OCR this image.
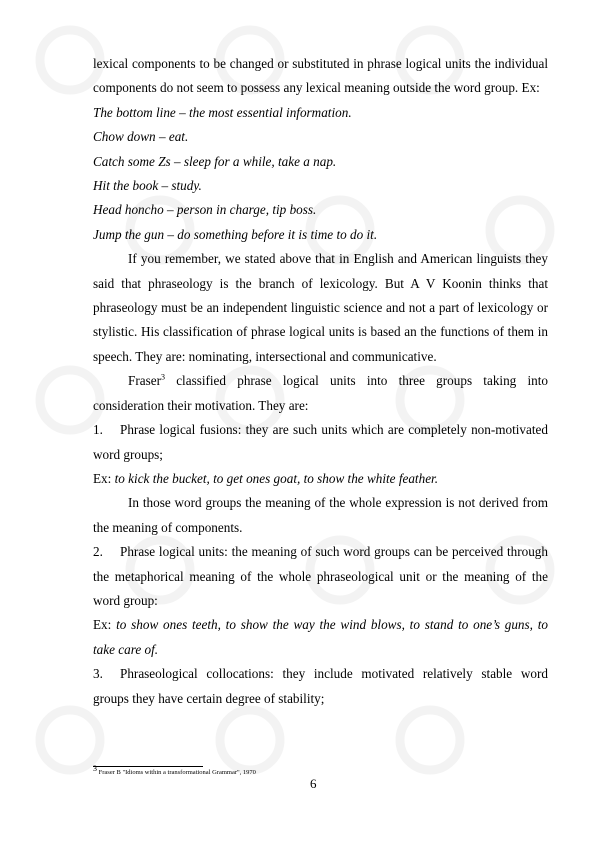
lexical components to be changed or substituted in phrase logical units the individual components do not seem to possess any lexical meaning outside the word group. Ex:

The bottom line – the most essential information.

Chow down – eat.

Catch some Zs – sleep for a while, take a nap.

Hit the book – study.

Head honcho – person in charge, tip boss.

Jump the gun – do something before it is time to do it.

If you remember, we stated above that in English and American linguists they said that phraseology is the branch of lexicology. But A V Koonin thinks that phraseology must be an independent linguistic science and not a part of lexicology or stylistic. His classification of phrase logical units is based an the functions of them in speech. They are: nominating, intersectional and communicative.

Fraser$^3$ classified phrase logical units into three groups taking into consideration their motivation. They are:

1. Phrase logical fusions: they are such units which are completely non-motivated word groups;

Ex: to kick the bucket, to get ones goat, to show the white feather.

In those word groups the meaning of the whole expression is not derived from the meaning of components.

2. Phrase logical units: the meaning of such word groups can be perceived through the metaphorical meaning of the whole phraseological unit or the meaning of the word group:

Ex: to show ones teeth, to show the way the wind blows, to stand to one’s guns, to take care of.

3. Phraseological collocations: they include motivated relatively stable word groups they have certain degree of stability;

$^3$ Fraser B "Idioms within a transformational Grammar", 1970
6
